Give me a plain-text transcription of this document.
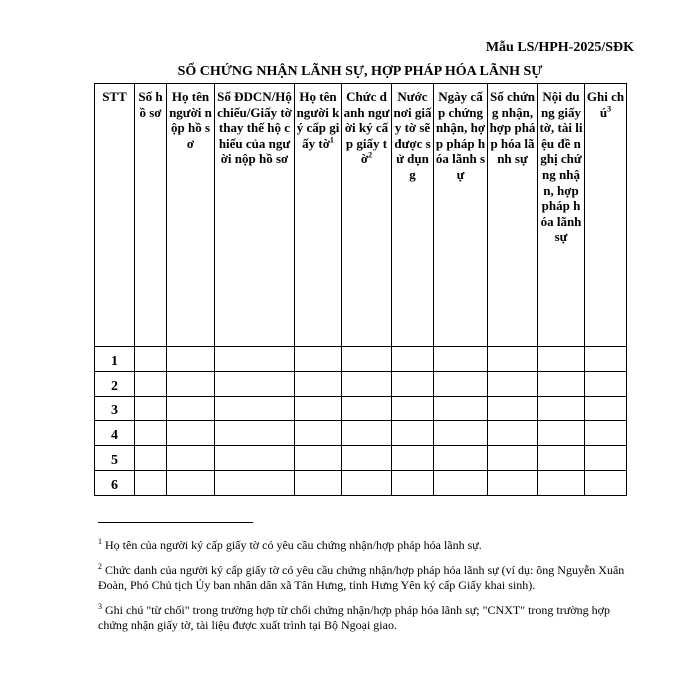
Mẫu LS/HPH-2025/SĐK
SỔ CHỨNG NHẬN LÃNH SỰ, HỢP PHÁP HÓA LÃNH SỰ
STT	Số hồ sơ	Họ tên người nộp hồ sơ	Số ĐDCN/Hộ chiếu/Giấy tờ thay thế hộ chiếu của người nộp hồ sơ	Họ tên người ký cấp giấy tờ$^1$	Chức danh người ký cấp giấy tờ$^2$	Nước nơi giấy tờ sẽ được sử dụng	Ngày cấp chứng nhận, hợp pháp hóa lãnh sự	Số chứng nhận, hợp pháp hóa lãnh sự	Nội dung giấy tờ, tài liệu đề nghị chứng nhận, hợp pháp hóa lãnh sự	Ghi chú$^3$
1										
2										
3										
4										
5										
6										

$^1$ Họ tên của người ký cấp giấy tờ có yêu cầu chứng nhận/hợp pháp hóa lãnh sự.

$^2$ Chức danh của người ký cấp giấy tờ có yêu cầu chứng nhận/hợp pháp hóa lãnh sự (ví dụ: ông Nguyễn Xuân Đoàn, Phó Chủ tịch Ủy ban nhân dân xã Tân Hưng, tỉnh Hưng Yên ký cấp Giấy khai sinh).

$^3$ Ghi chú "từ chối" trong trường hợp từ chối chứng nhận/hợp pháp hóa lãnh sự; "CNXT" trong trường hợp chứng nhận giấy tờ, tài liệu được xuất trình tại Bộ Ngoại giao.
